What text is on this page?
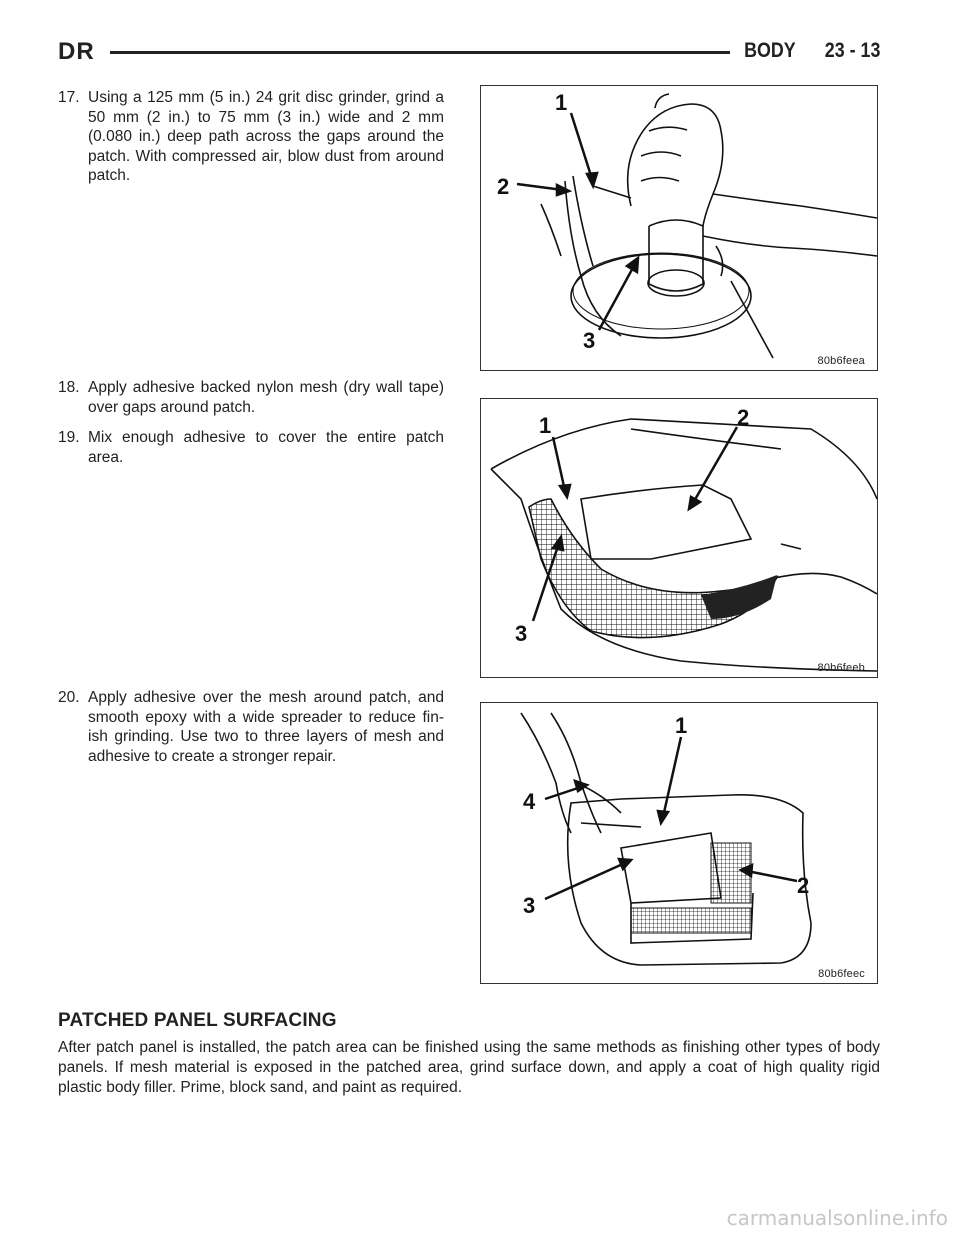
DR	BODY 23 - 13
17. Using a 125 mm (5 in.) 24 grit disc grinder, grind a 50 mm (2 in.) to 75 mm (3 in.) wide and 2 mm (0.080 in.) deep path across the gaps around the patch. With compressed air, blow dust from around patch.
18. Apply adhesive backed nylon mesh (dry wall tape) over gaps around patch.
19. Mix enough adhesive to cover the entire patch area.
20. Apply adhesive over the mesh around patch, and smooth epoxy with a wide spreader to reduce fin-ish grinding. Use two to three layers of mesh and adhesive to create a stronger repair.
1
2
3
80b6feea
1	2
3
80b6feeb
1
4
3
2
80b6feec
PATCHED PANEL SURFACING
After patch panel is installed, the patch area can be finished using the same methods as finishing other types of body panels. If mesh material is exposed in the patched area, grind surface down, and apply a coat of high quality rigid plastic body filler. Prime, block sand, and paint as required.
carmanualsonline.info
